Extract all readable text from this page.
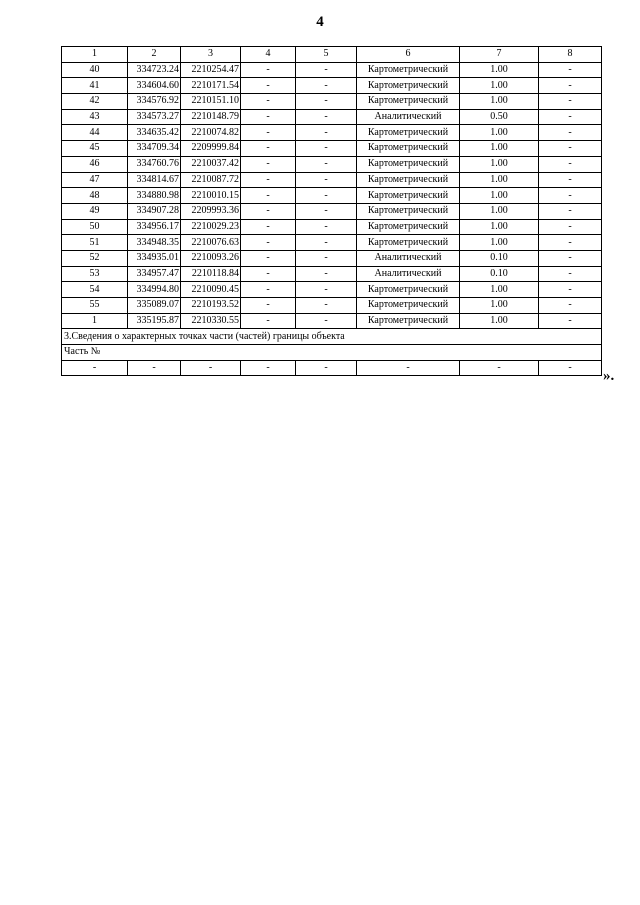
4
1	2	3	4	5	6	7	8
40	334723.24	2210254.47	-	-	Картометрический	1.00	-
41	334604.60	2210171.54	-	-	Картометрический	1.00	-
42	334576.92	2210151.10	-	-	Картометрический	1.00	-
43	334573.27	2210148.79	-	-	Аналитический	0.50	-
44	334635.42	2210074.82	-	-	Картометрический	1.00	-
45	334709.34	2209999.84	-	-	Картометрический	1.00	-
46	334760.76	2210037.42	-	-	Картометрический	1.00	-
47	334814.67	2210087.72	-	-	Картометрический	1.00	-
48	334880.98	2210010.15	-	-	Картометрический	1.00	-
49	334907.28	2209993.36	-	-	Картометрический	1.00	-
50	334956.17	2210029.23	-	-	Картометрический	1.00	-
51	334948.35	2210076.63	-	-	Картометрический	1.00	-
52	334935.01	2210093.26	-	-	Аналитический	0.10	-
53	334957.47	2210118.84	-	-	Аналитический	0.10	-
54	334994.80	2210090.45	-	-	Картометрический	1.00	-
55	335089.07	2210193.52	-	-	Картометрический	1.00	-
1	335195.87	2210330.55	-	-	Картометрический	1.00	-
3.Сведения о характерных точках части (частей) границы объекта							
Часть №							
-	-	-	-	-	-	-	-
».
